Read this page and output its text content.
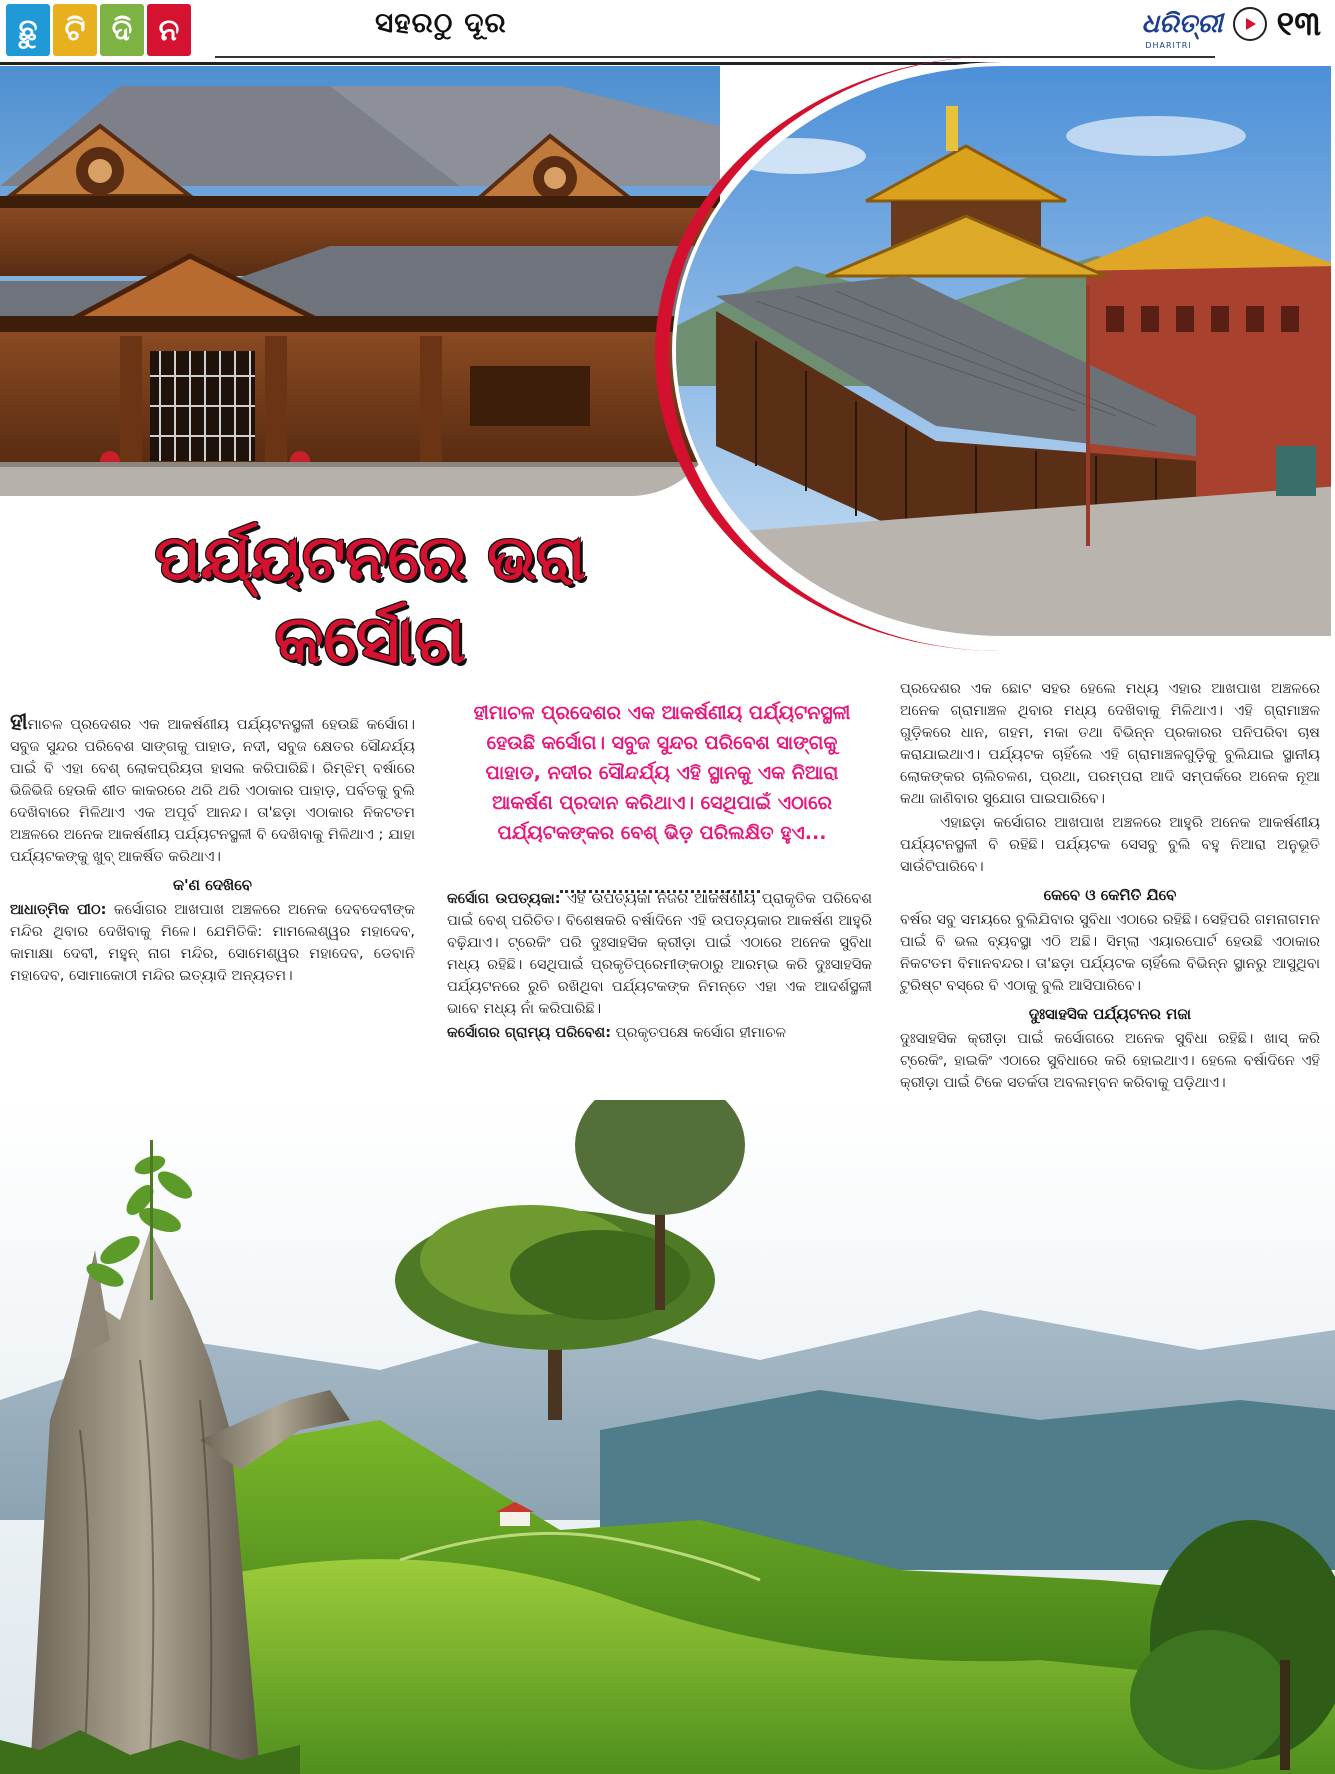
ଛୁ ଟି ଦି ନ	ସହରଠୁ ଦୂର	ଧରିତ୍ରୀ
DHARITRI
୧୩
ପର୍ଯ୍ୟଟନରେ ଭରା
କର୍ସୋଗ
ହୀମାଚଳ ପ୍ରଦେଶର ଏକ ଆକର୍ଷଣୀୟ ପର୍ଯ୍ୟଟନସ୍ଥଳୀ ହେଉଛି କର୍ସୋଗ। ସବୁଜ ସୁନ୍ଦର ପରିବେଶ ସାଙ୍ଗକୁ ପାହାଡ, ନଦୀର ସୌନ୍ଦର୍ଯ୍ୟ ଏହି ସ୍ଥାନକୁ ଏକ ନିଆରା ଆକର୍ଷଣ ପ୍ରଦାନ କରିଥାଏ। ସେଥିପାଇଁ ଏଠାରେ ପର୍ଯ୍ୟଟକଙ୍କର ବେଶ୍ ଭିଡ଼ ପରିଲକ୍ଷିତ ହୁଏ...

ହୀମାଚଳ ପ୍ରଦେଶର ଏକ ଆକର୍ଷଣୀୟ ପର୍ଯ୍ୟଟନସ୍ଥଳୀ ହେଉଛି କର୍ସୋଗ। ସବୁଜ ସୁନ୍ଦର ପରିବେଶ ସାଙ୍ଗକୁ ପାହାଡ, ନଦୀ, ସବୁଜ କ୍ଷେତର ସୌନ୍ଦର୍ଯ୍ୟ ପାଇଁ ବି ଏହା ବେଶ୍ ଲୋକପ୍ରିୟତା ହାସଲ କରିପାରିଛି। ରିମ୍ଝିମ୍ ବର୍ଷାରେ ଭିଜିଭିଜି ହେଉକି ଶୀତ କାକରରେ ଥରି ଥରି ଏଠାକାର ପାହାଡ଼, ପର୍ବତକୁ ବୁଲି ଦେଖିବାରେ ମିଳିଥାଏ ଏକ ଅପୂର୍ବ ଆନନ୍ଦ। ତା'ଛଡ଼ା ଏଠାକାର ନିକଟତମ ଅଞ୍ଚଳରେ ଅନେକ ଆକର୍ଷଣୀୟ ପର୍ଯ୍ୟଟନସ୍ଥଳୀ ବି ଦେଖିବାକୁ ମିଳିଥାଏ ; ଯାହା ପର୍ଯ୍ୟଟକଙ୍କୁ ଖୁବ୍ ଆକର୍ଷିତ କରିଥାଏ।

କ'ଣ ଦେଖିବେ

ଆଧାତ୍ମିକ ପୀଠ: କର୍ସୋଗର ଆଖପାଖ ଅଞ୍ଚଳରେ ଅନେକ ଦେବଦେବୀଙ୍କ ମନ୍ଦିର ଥିବାର ଦେଖିବାକୁ ମିଳେ। ଯେମିତିକି: ମାମଲେଶ୍ୱର ମହାଦେବ, କାମାକ୍ଷା ଦେବୀ, ମହୁନ୍ ନାଗ ମନ୍ଦିର, ସୋମେଶ୍ୱର ମହାଦେବ, ଡେବାନି ମହାଦେବ, ସୋମାକୋଠୀ ମନ୍ଦିର ଇତ୍ୟାଦି ଅନ୍ୟତମ।

କର୍ସୋଗ ଉପତ୍ୟକା: ଏହି ଉପତ୍ୟକା ନିଜର ଆକର୍ଷଣୀୟ ପ୍ରାକୃତିକ ପରିବେଶ ପାଇଁ ବେଶ୍ ପରିଚିତ। ବିଶେଷକରି ବର୍ଷାଦିନେ ଏହି ଉପତ୍ୟକାର ଆକର୍ଷଣ ଆହୁରି ବଢ଼ିଯାଏ। ଟ୍ରେକିଂ ପରି ଦୁଃସାହସିକ କ୍ରୀଡ଼ା ପାଇଁ ଏଠାରେ ଅନେକ ସୁବିଧା ମଧ୍ୟ ରହିଛି। ସେଥିପାଇଁ ପ୍ରକୃତିପ୍ରେମୀଙ୍କଠାରୁ ଆରମ୍ଭ କରି ଦୁଃସାହସିକ ପର୍ଯ୍ୟଟନରେ ରୁଚି ରଖିଥିବା ପର୍ଯ୍ୟଟକଙ୍କ ନିମନ୍ତେ ଏହା ଏକ ଆଦର୍ଶସ୍ଥଳୀ ଭାବେ ମଧ୍ୟ ନାଁ କରିପାରିଛି।

କର୍ସୋଗର ଗ୍ରାମ୍ୟ ପରିବେଶ: ପ୍ରକୃତପକ୍ଷେ କର୍ସୋଗ ହୀମାଚଳ

ପ୍ରଦେଶର ଏକ ଛୋଟ ସହର ହେଲେ ମଧ୍ୟ ଏହାର ଆଖପାଖ ଅଞ୍ଚଳରେ ଅନେକ ଗ୍ରାମାଞ୍ଚଳ ଥିବାର ମଧ୍ୟ ଦେଖିବାକୁ ମିଳିଥାଏ। ଏହି ଗ୍ରାମାଞ୍ଚଳ ଗୁଡ଼ିକରେ ଧାନ, ଗହମ, ମକା ତଥା ବିଭିନ୍ନ ପ୍ରକାରର ପନିପରିବା ଚାଷ କରାଯାଇଥାଏ। ପର୍ଯ୍ୟଟକ ଚାହିଁଲେ ଏହି ଗ୍ରାମାଞ୍ଚଳଗୁଡ଼ିକୁ ବୁଲିଯାଇ ସ୍ଥାନୀୟ ଲୋକଙ୍କର ଚାଲିଚଳଣ, ପ୍ରଥା, ପରମ୍ପରା ଆଦି ସମ୍ପର୍କରେ ଅନେକ ନୂଆ କଥା ଜାଣିବାର ସୁଯୋଗ ପାଇପାରିବେ।

ଏହାଛଡ଼ା କର୍ସୋଗର ଆଖପାଖ ଅଞ୍ଚଳରେ ଆହୁରି ଅନେକ ଆକର୍ଷଣୀୟ ପର୍ଯ୍ୟଟନସ୍ଥଳୀ ବି ରହିଛି। ପର୍ଯ୍ୟଟକ ସେସବୁ ବୁଲି ବହୁ ନିଆରା ଅନୁଭୂତି ସାଉଁଟିପାରିବେ।

କେବେ ଓ କେମିତି ଯିବେ

ବର୍ଷର ସବୁ ସମୟରେ ବୁଲିଯିବାର ସୁବିଧା ଏଠାରେ ରହିଛି। ସେହିପରି ଗମନାଗମନ ପାଇଁ ବି ଭଲ ବ୍ୟବସ୍ଥା ଏଠି ଅଛି। ସିମ୍ଲା ଏୟାରପୋର୍ଟ ହେଉଛି ଏଠାକାର ନିକଟତମ ବିମାନବନ୍ଦର। ତା'ଛଡ଼ା ପର୍ଯ୍ୟଟକ ଚାହିଁଲେ ବିଭିନ୍ନ ସ୍ଥାନରୁ ଆସୁଥିବା ଟୁରିଷ୍ଟ ବସ୍‌ରେ ବି ଏଠାକୁ ବୁଲି ଆସିପାରିବେ।

ଦୁଃସାହସିକ ପର୍ଯ୍ୟଟନର ମଜା

ଦୁଃସାହସିକ କ୍ରୀଡ଼ା ପାଇଁ କର୍ସୋଗରେ ଅନେକ ସୁବିଧା ରହିଛି। ଖାସ୍ କରି ଟ୍ରେକିଂ, ହାଇକିଂ ଏଠାରେ ସୁବିଧାରେ କରି ହୋଇଥାଏ। ହେଲେ ବର୍ଷାଦିନେ ଏହି କ୍ରୀଡ଼ା ପାଇଁ ଟିକେ ସତର୍କତା ଅବଲମ୍ବନ କରିବାକୁ ପଡ଼ିଥାଏ।
